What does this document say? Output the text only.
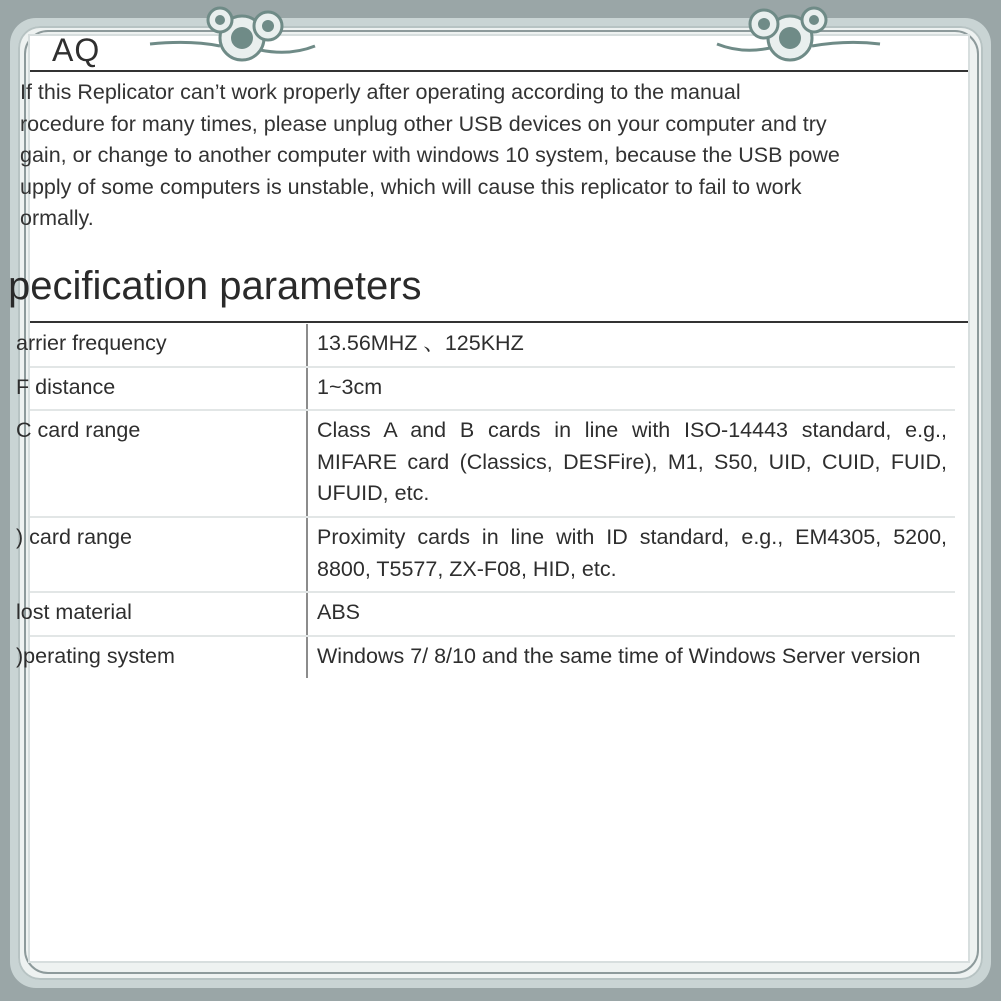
AQ
If this Replicator can’t work properly after operating according to the manual
rocedure for many times, please unplug other USB devices on your computer and try
gain, or change to another computer with windows 10 system, because the USB powe
upply of some computers is unstable, which will cause this replicator to fail to work
ormally.
pecification parameters
arrier frequency	13.56MHZ 、125KHZ
F distance	1~3cm
C card range	Class A and B cards in line with ISO-14443 standard, e.g., MIFARE card (Classics, DESFire), M1, S50, UID, CUID, FUID, UFUID, etc.
) card range	Proximity cards in line with ID standard, e.g., EM4305, 5200, 8800, T5577, ZX-F08, HID, etc.
lost material	ABS
)perating system	Windows 7/ 8/10 and the same time of Windows Server version
